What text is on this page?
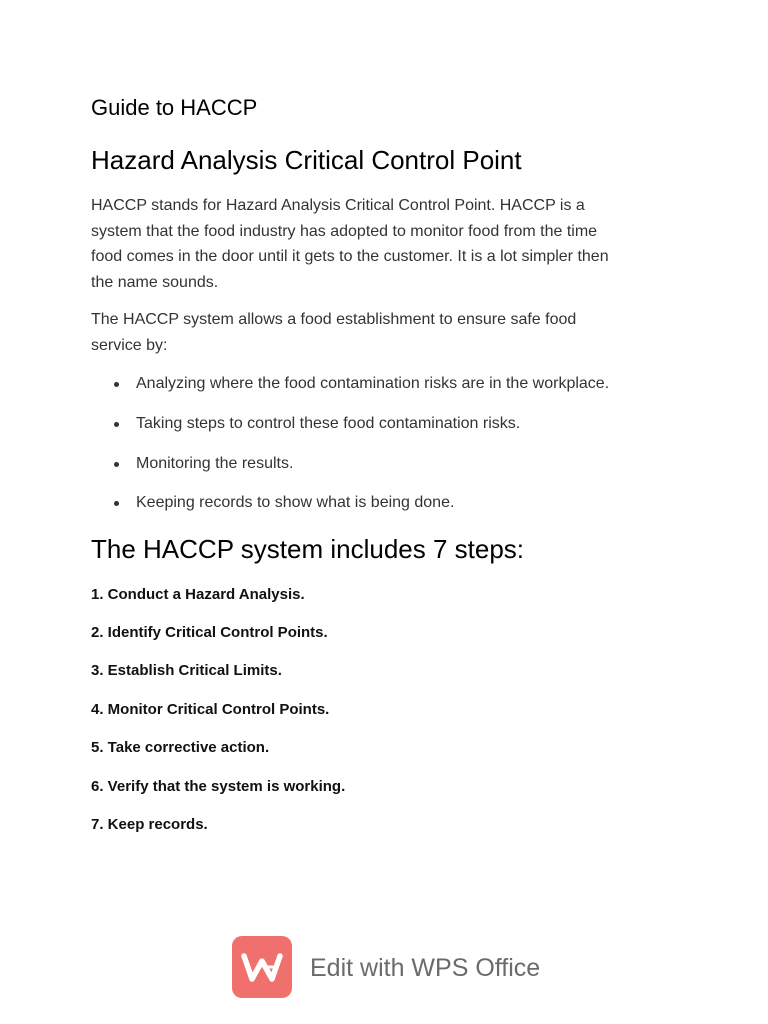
Guide to HACCP
Hazard Analysis Critical Control Point
HACCP stands for Hazard Analysis Critical Control Point. HACCP is a
system that the food industry has adopted to monitor food from the time
food comes in the door until it gets to the customer. It is a lot simpler then
the name sounds.
The HACCP system allows a food establishment to ensure safe food
service by:
Analyzing where the food contamination risks are in the workplace.
Taking steps to control these food contamination risks.
Monitoring the results.
Keeping records to show what is being done.
The HACCP system includes 7 steps:
1. Conduct a Hazard Analysis.
2. Identify Critical Control Points.
3. Establish Critical Limits.
4. Monitor Critical Control Points.
5. Take corrective action.
6. Verify that the system is working.
7. Keep records.
Edit with WPS Office
